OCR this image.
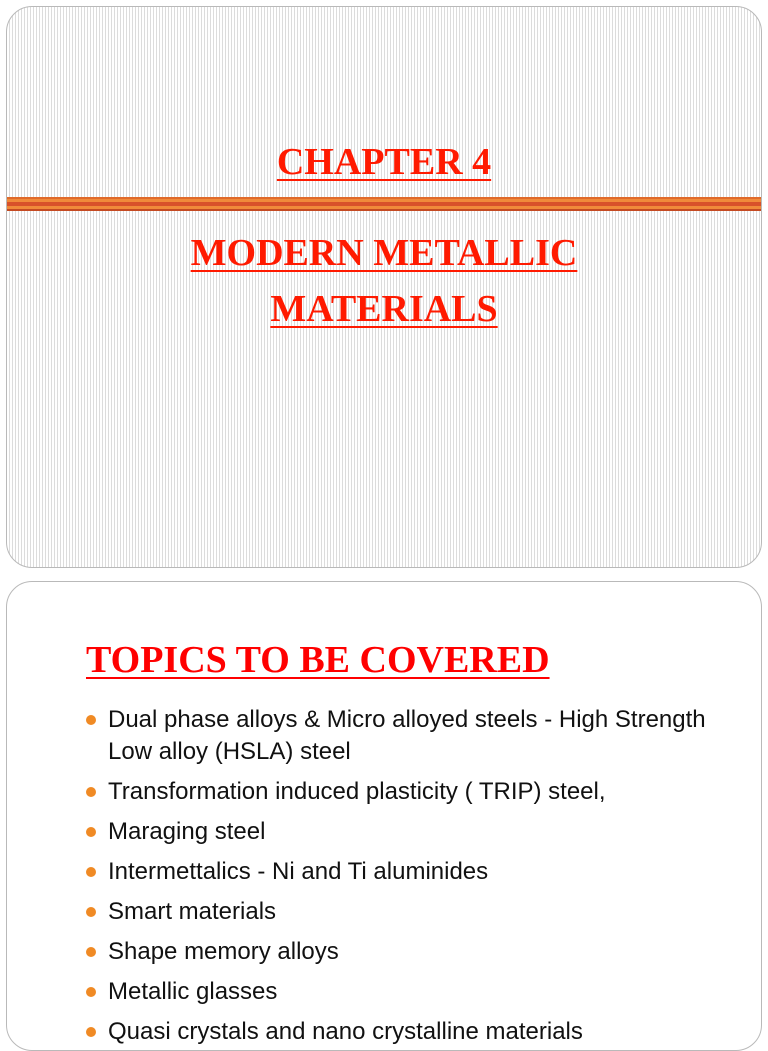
CHAPTER 4
MODERN METALLIC
MATERIALS
TOPICS TO BE COVERED
Dual phase alloys & Micro alloyed steels - High Strength Low alloy (HSLA) steel
Transformation induced plasticity ( TRIP) steel,
Maraging steel
Intermettalics - Ni and Ti aluminides
Smart materials
Shape memory alloys
Metallic glasses
Quasi crystals and nano crystalline materials
